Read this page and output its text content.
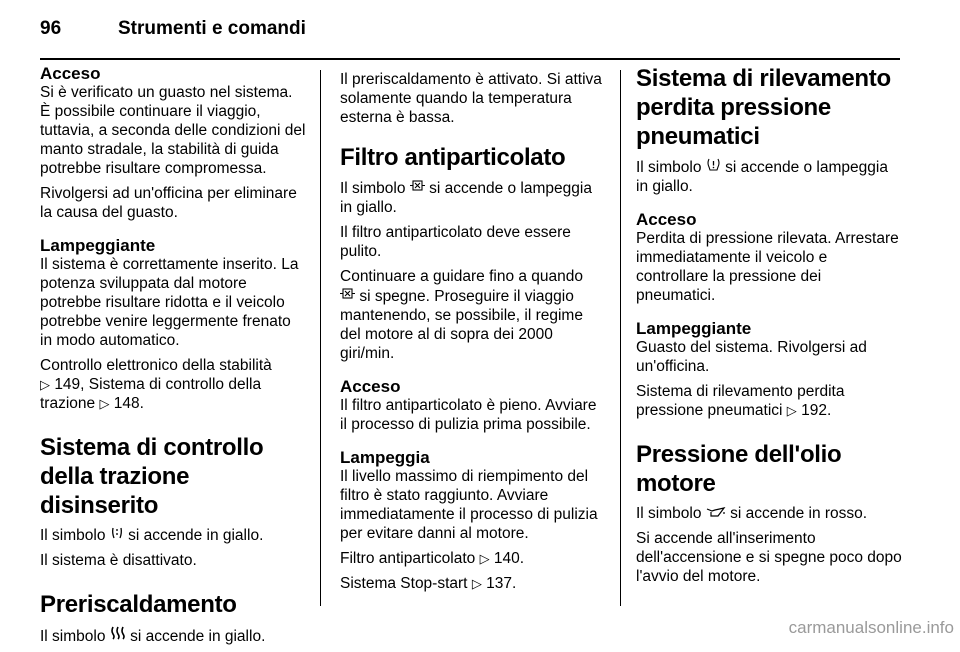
96	Strumenti e comandi
Acceso

Si è verificato un guasto nel sistema. È possibile continuare il viaggio, tuttavia, a seconda delle condizioni del manto stradale, la stabilità di guida potrebbe risultare compromessa.

Rivolgersi ad un'officina per eliminare la causa del guasto.

Lampeggiante

Il sistema è correttamente inserito. La potenza sviluppata dal motore potrebbe risultare ridotta e il veicolo potrebbe venire leggermente frenato in modo automatico.

Controllo elettronico della stabilità
▷ 149, Sistema di controllo della trazione ▷ 148.

Sistema di controllo della trazione disinserito

Il simbolo si accende in giallo.

Il sistema è disattivato.

Preriscaldamento

Il simbolo si accende in giallo.

Il preriscaldamento è attivato. Si attiva solamente quando la temperatura esterna è bassa.

Filtro antiparticolato

Il simbolo si accende o lampeggia in giallo.

Il filtro antiparticolato deve essere pulito.

Continuare a guidare fino a quando
si spegne. Proseguire il viaggio mantenendo, se possibile, il regime del motore al di sopra dei 2000 giri/min.

Acceso

Il filtro antiparticolato è pieno. Avviare il processo di pulizia prima possibile.

Lampeggia

Il livello massimo di riempimento del filtro è stato raggiunto. Avviare immediatamente il processo di pulizia per evitare danni al motore.

Filtro antiparticolato ▷ 140.

Sistema Stop-start ▷ 137.

Sistema di rilevamento perdita pressione pneumatici

Il simbolo si accende o lampeggia in giallo.

Acceso

Perdita di pressione rilevata. Arrestare immediatamente il veicolo e controllare la pressione dei pneumatici.

Lampeggiante

Guasto del sistema. Rivolgersi ad un'officina.

Sistema di rilevamento perdita pressione pneumatici ▷ 192.

Pressione dell'olio motore

Il simbolo si accende in rosso.

Si accende all'inserimento dell'accensione e si spegne poco dopo l'avvio del motore.

carmanualsonline.info
